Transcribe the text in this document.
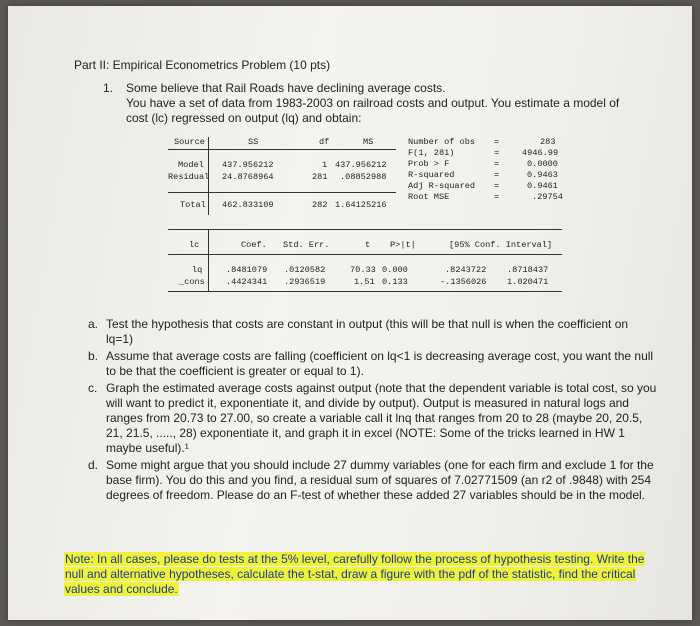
Part II: Empirical Econometrics Problem (10 pts)
1. Some believe that Rail Roads have declining average costs.
You have a set of data from 1983-2003 on railroad costs and output. You estimate a model of
cost (lc) regressed on output (lq) and obtain:
Source	SS	df	MS
Model 437.956212	1 437.956212
Residual 24.8768964	281 .08852988
Total 462.833109	282 1.64125216
Number of obs =	283
F(1, 281)	=	4946.99
Prob > F	=	0.0000
R-squared	=	0.9463
Adj R-squared =	0.9461
Root MSE	=	.29754
lc	Coef. Std. Err.	t P>|t|	[95% Conf. Interval]
lq	.8481079 .0120582	70.33 0.000	.8243722 .8718437
_cons .4424341 .2936519	1.51 0.133	-.1356026 1.020471
a. Test the hypothesis that costs are constant in output (this will be that null is when the coefficient on lq=1)
b. Assume that average costs are falling (coefficient on lq<1 is decreasing average cost, you want the null to be that the coefficient is greater or equal to 1).
c. Graph the estimated average costs against output (note that the dependent variable is total cost, so you will want to predict it, exponentiate it, and divide by output). Output is measured in natural logs and ranges from 20.73 to 27.00, so create a variable call it lnq that ranges from 20 to 28 (maybe 20, 20.5, 21, 21.5, ....., 28) exponentiate it, and graph it in excel (NOTE: Some of the tricks learned in HW 1 maybe useful).¹
d. Some might argue that you should include 27 dummy variables (one for each firm and exclude 1 for the base firm). You do this and you find, a residual sum of squares of 7.02771509 (an r2 of .9848) with 254 degrees of freedom. Please do an F-test of whether these added 27 variables should be in the model.
Note: In all cases, please do tests at the 5% level, carefully follow the process of hypothesis testing. Write the null and alternative hypotheses, calculate the t-stat, draw a figure with the pdf of the statistic, find the critical values and conclude.
